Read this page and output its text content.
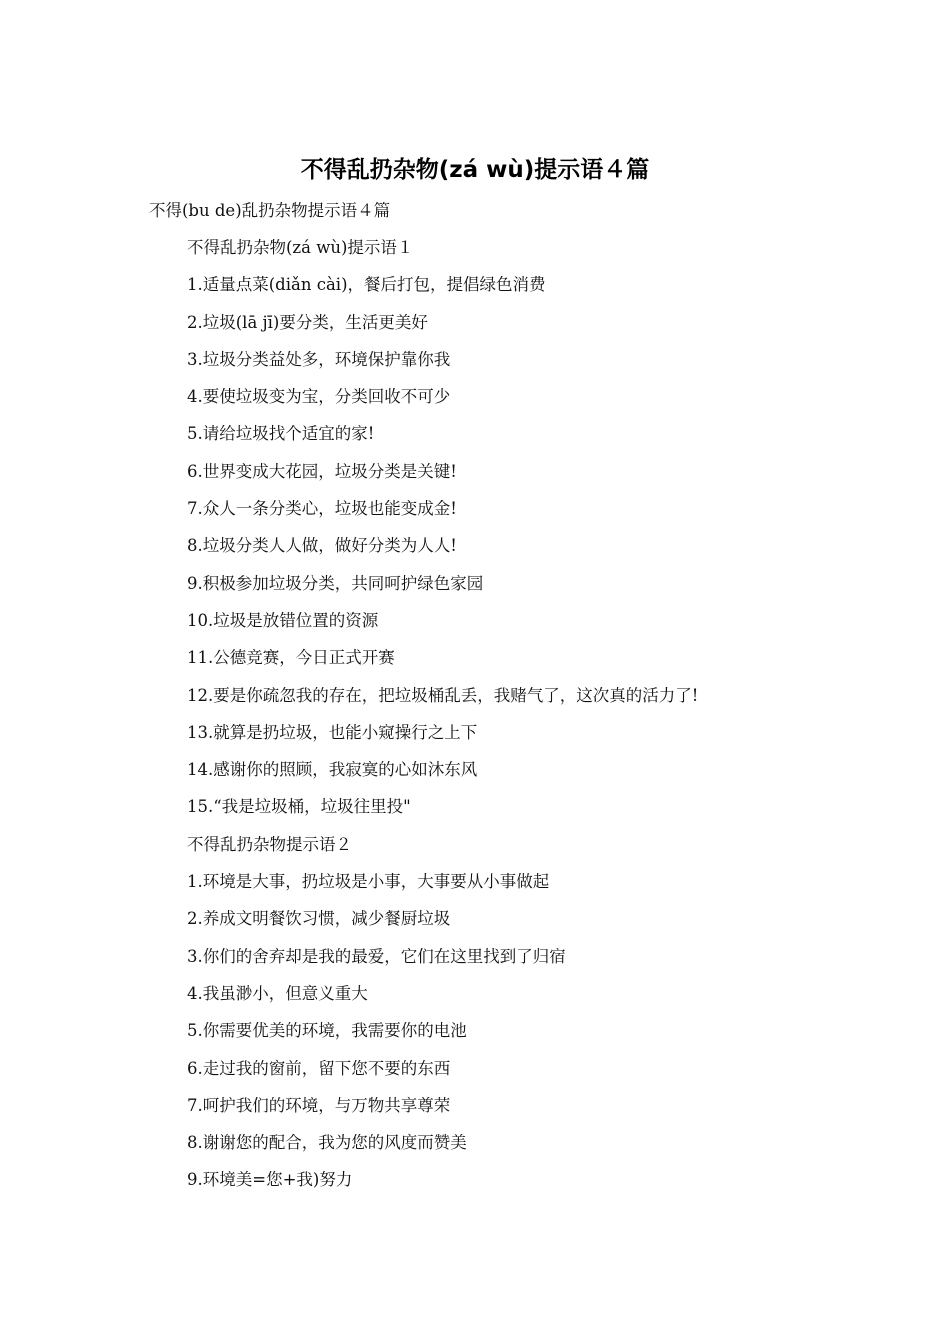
不得乱扔杂物(zá wù)提示语４篇
不得(bu de)乱扔杂物提示语４篇
不得乱扔杂物(zá wù)提示语１
1.适量点菜(diǎn cài)，餐后打包，提倡绿色消费
2.垃圾(lā jī)要分类，生活更美好
3.垃圾分类益处多，环境保护靠你我
4.要使垃圾变为宝，分类回收不可少
5.请给垃圾找个适宜的家!
6.世界变成大花园，垃圾分类是关键!
7.众人一条分类心，垃圾也能变成金!
8.垃圾分类人人做，做好分类为人人!
9.积极参加垃圾分类，共同呵护绿色家园
10.垃圾是放错位置的资源
11.公德竞赛，今日正式开赛
12.要是你疏忽我的存在，把垃圾桶乱丢，我赌气了，这次真的活力了!
13.就算是扔垃圾，也能小窥操行之上下
14.感谢你的照顾，我寂寞的心如沐东风
15.“我是垃圾桶，垃圾往里投"
不得乱扔杂物提示语２
1.环境是大事，扔垃圾是小事，大事要从小事做起
2.养成文明餐饮习惯，减少餐厨垃圾
3.你们的舍弃却是我的最爱，它们在这里找到了归宿
4.我虽渺小，但意义重大
5.你需要优美的环境，我需要你的电池
6.走过我的窗前，留下您不要的东西
7.呵护我们的环境，与万物共享尊荣
8.谢谢您的配合，我为您的风度而赞美
9.环境美=您+我)努力
